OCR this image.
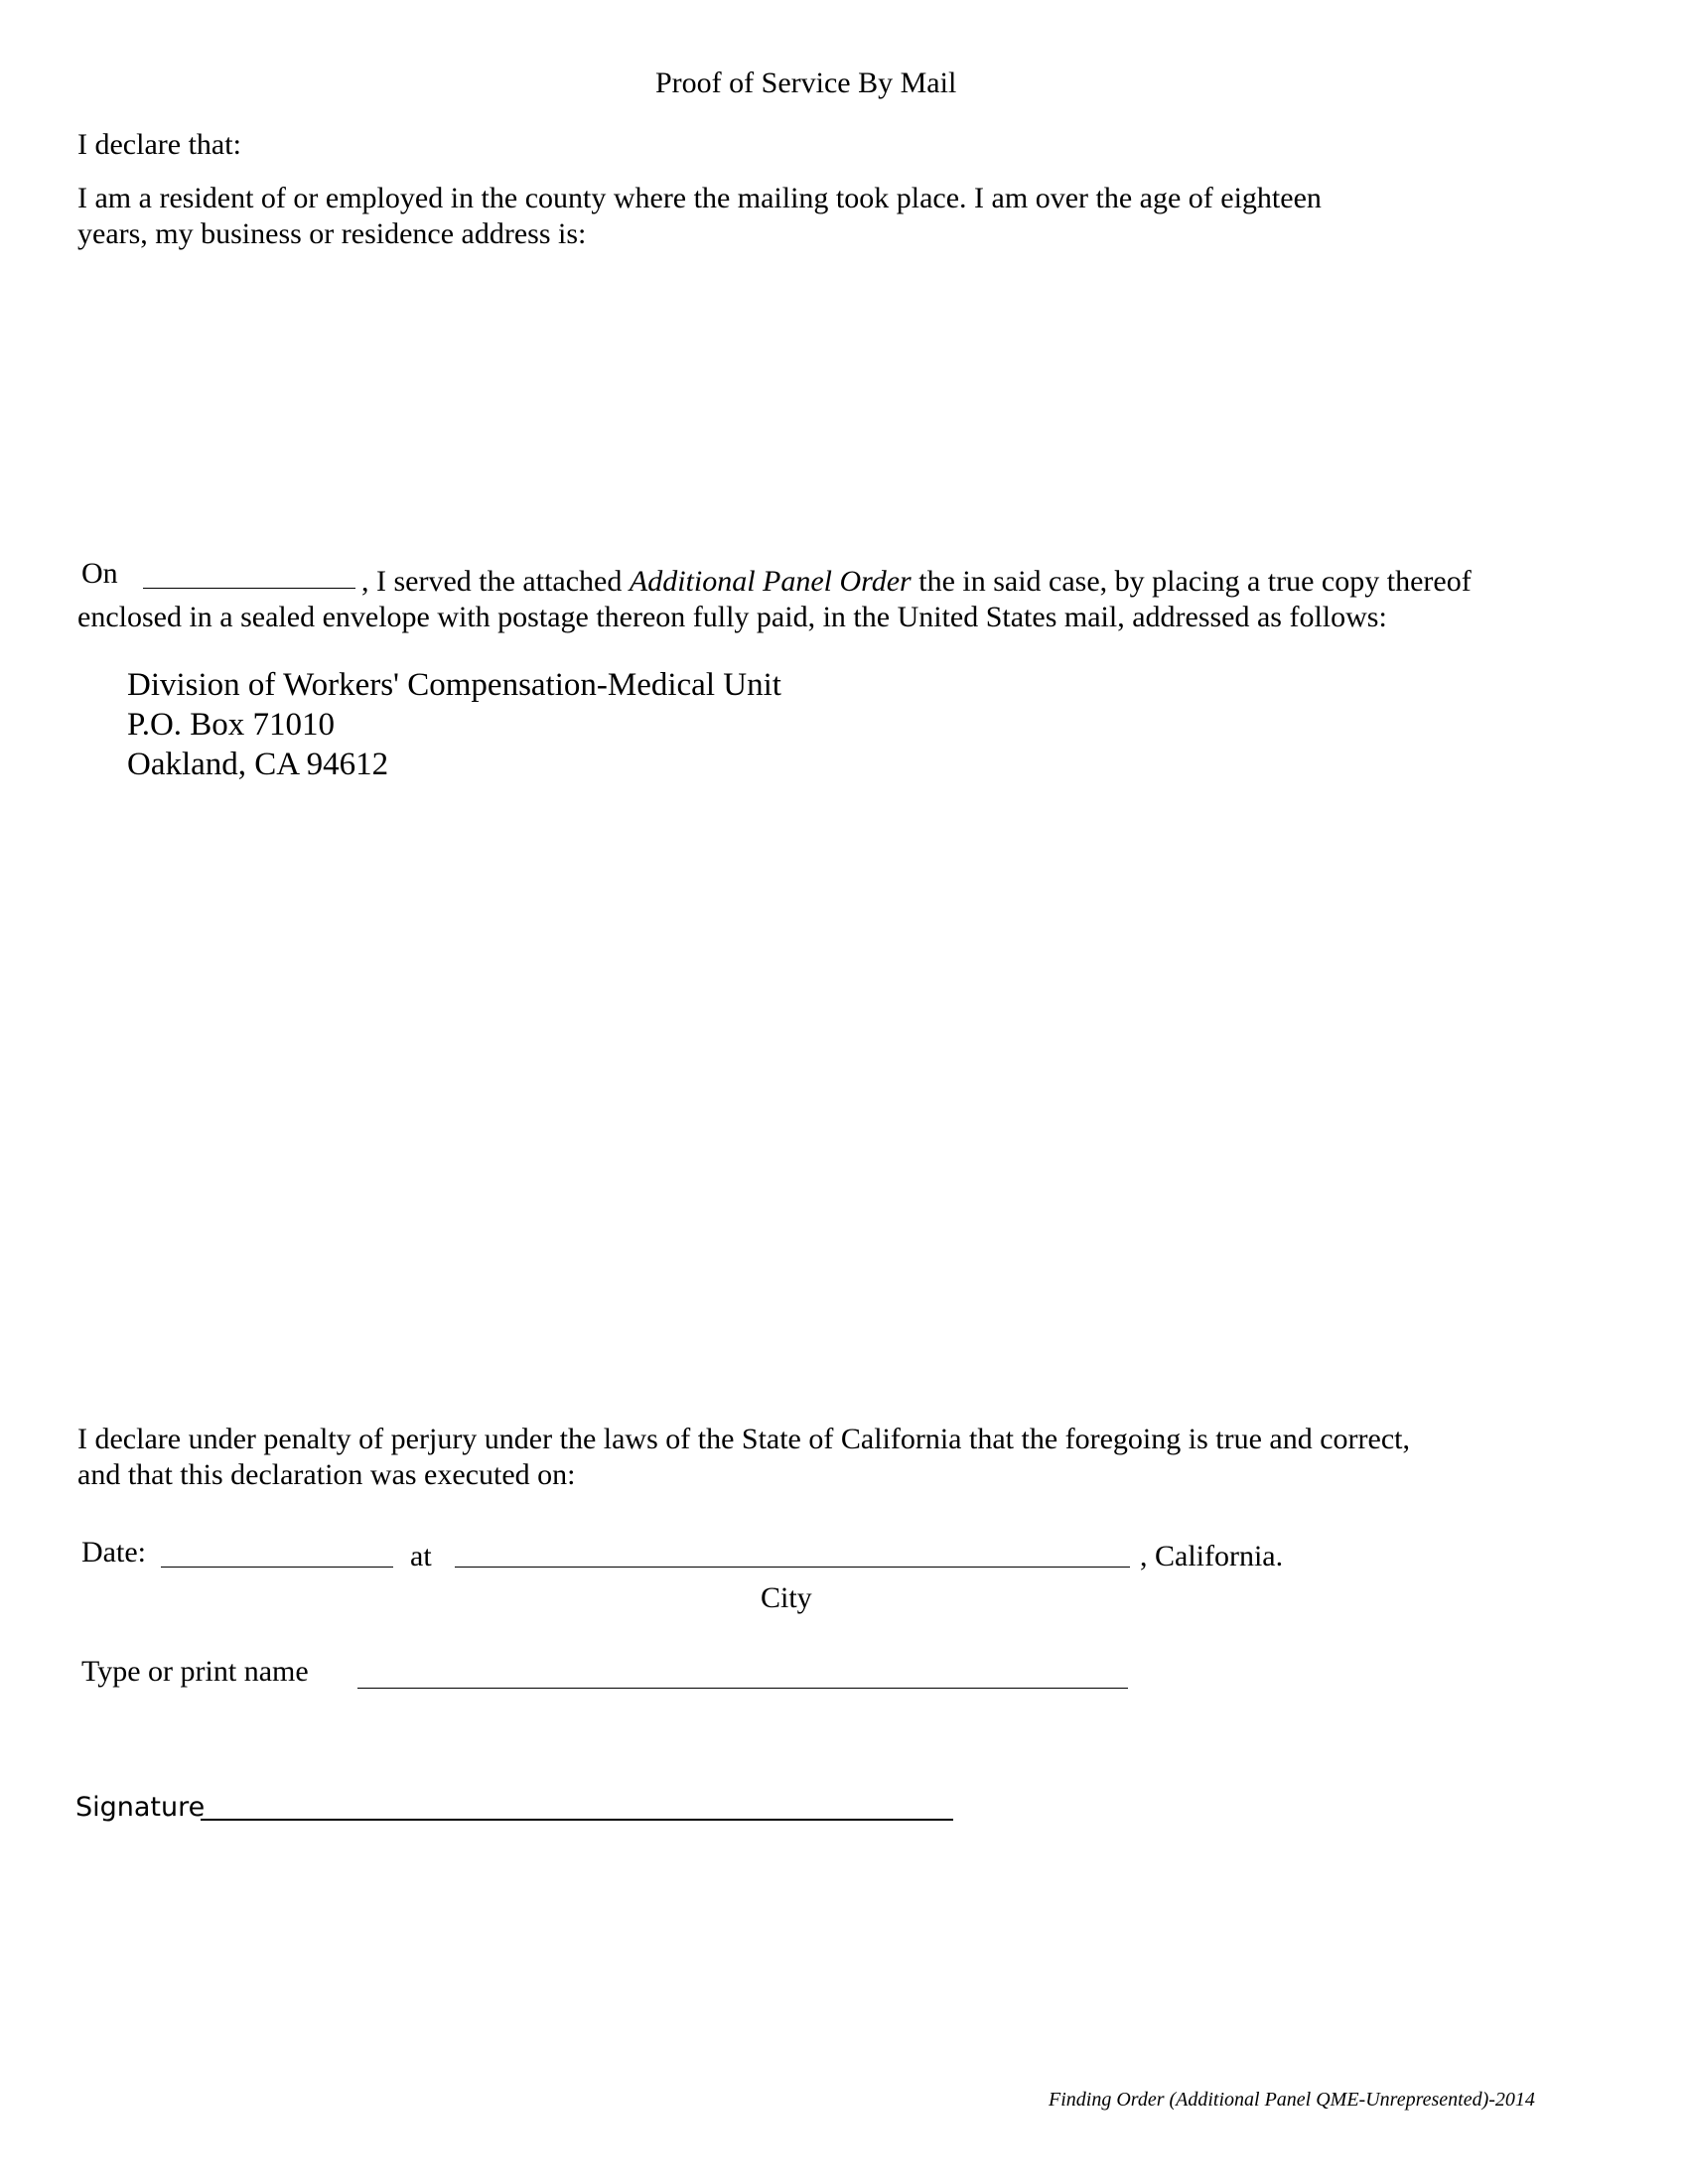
Proof of Service By Mail
I declare that:
I am a resident of or employed in the county where the mailing took place. I am over the age of eighteen
years, my business or residence address is:
On	, I served the attached Additional Panel Order the in said case, by placing a true copy thereof
enclosed in a sealed envelope with postage thereon fully paid, in the United States mail, addressed as follows:
Division of Workers' Compensation-Medical Unit
P.O. Box 71010
Oakland, CA 94612
I declare under penalty of perjury under the laws of the State of California that the foregoing is true and correct,
and that this declaration was executed on:
Date:	at	, California.
City
Type or print name
Signature
Finding Order (Additional Panel QME-Unrepresented)-2014
